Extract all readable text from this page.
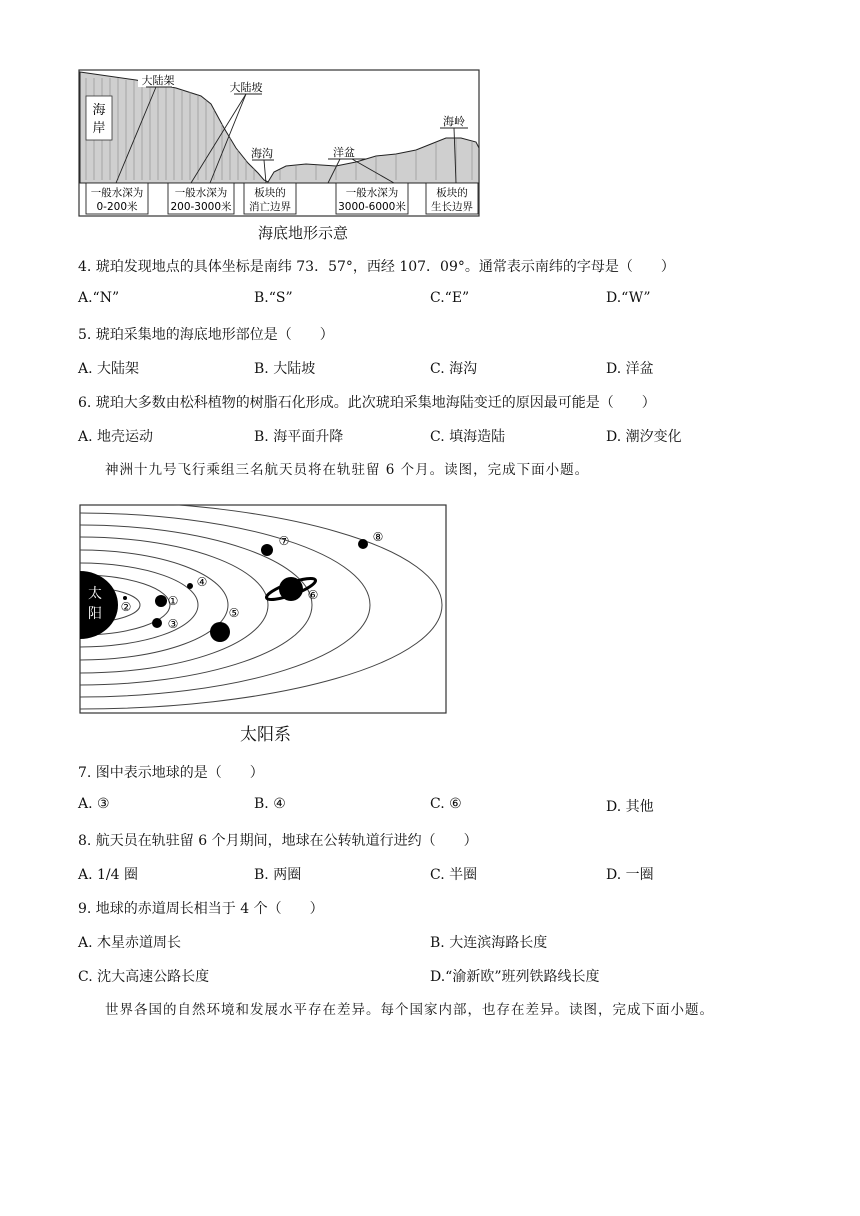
海
岸
大陆架
大陆坡
海沟	洋盆
海岭
一般水深为
0-200米
一般水深为
200-3000米
板块的
消亡边界
一般水深为
3000-6000米
板块的
生长边界
海底地形示意
4. 琥珀发现地点的具体坐标是南纬 73．57°，西经 107．09°。通常表示南纬的字母是（　　）
A.“N”	B.“S”	C.“E”	D.“W”
5. 琥珀采集地的海底地形部位是（　　）
A. 大陆架	B. 大陆坡	C. 海沟	D. 洋盆
6. 琥珀大多数由松科植物的树脂石化形成。此次琥珀采集地海陆变迁的原因最可能是（　　）
A. 地壳运动	B. 海平面升降	C. 填海造陆	D. 潮汐变化
神洲十九号飞行乘组三名航天员将在轨驻留 6 个月。读图，完成下面小题。
太
阳
①
②
③
④
⑤
⑥
⑦	⑧
太阳系
7. 图中表示地球的是（　　）
A. ③	B. ④	C. ⑥	D. 其他
8. 航天员在轨驻留 6 个月期间，地球在公转轨道行进约（　　）
A. 1/4 圈	B. 两圈	C. 半圈	D. 一圈
9. 地球的赤道周长相当于 4 个（　　）
A. 木星赤道周长	B. 大连滨海路长度
C. 沈大高速公路长度	D.“渝新欧”班列铁路线长度
世界各国的自然环境和发展水平存在差异。每个国家内部，也存在差异。读图，完成下面小题。
